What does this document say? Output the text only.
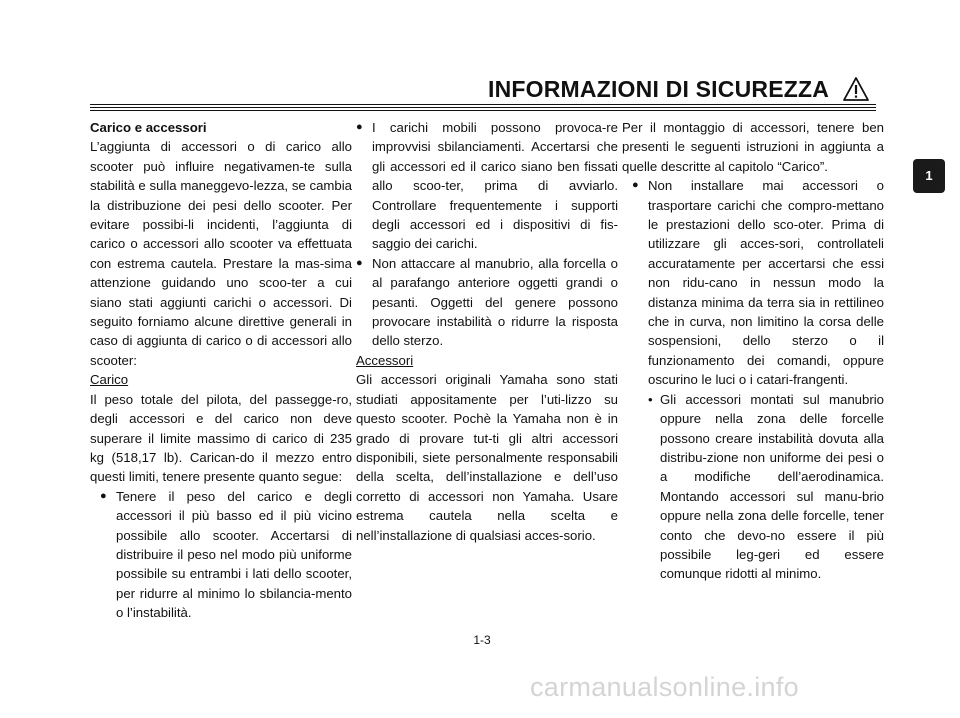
INFORMAZIONI DI SICUREZZA
1

Carico e accessori

L’aggiunta di accessori o di carico allo scooter può influire negativamen-te sulla stabilità e sulla maneggevo-lezza, se cambia la distribuzione dei pesi dello scooter. Per evitare possibi-li incidenti, l’aggiunta di carico o accessori allo scooter va effettuata con estrema cautela. Prestare la mas-sima attenzione guidando uno scoo-ter a cui siano stati aggiunti carichi o accessori. Di seguito forniamo alcune direttive generali in caso di aggiunta di carico o di accessori allo scooter:

Carico

Il peso totale del pilota, del passegge-ro, degli accessori e del carico non deve superare il limite massimo di carico di 235 kg (518,17 lb). Carican-do il mezzo entro questi limiti, tenere presente quanto segue:

● Tenere il peso del carico e degli accessori il più basso ed il più vicino possibile allo scooter. Accertarsi di distribuire il peso nel modo più uniforme possibile su entrambi i lati dello scooter, per ridurre al minimo lo sbilancia-mento o l’instabilità.
● I carichi mobili possono provoca-re improvvisi sbilanciamenti. Accertarsi che gli accessori ed il carico siano ben fissati allo scoo-ter, prima di avviarlo. Controllare frequentemente i supporti degli accessori ed i dispositivi di fis-saggio dei carichi.
● Non attaccare al manubrio, alla forcella o al parafango anteriore oggetti grandi o pesanti. Oggetti del genere possono provocare instabilità o ridurre la risposta dello sterzo.

Accessori

Gli accessori originali Yamaha sono stati studiati appositamente per l’uti-lizzo su questo scooter. Pochè la Yamaha non è in grado di provare tut-ti gli altri accessori disponibili, siete personalmente responsabili della scelta, dell’installazione e dell’uso corretto di accessori non Yamaha. Usare estrema cautela nella scelta e nell’installazione di qualsiasi acces-sorio.

Per il montaggio di accessori, tenere ben presenti le seguenti istruzioni in aggiunta a quelle descritte al capitolo “Carico”.

● Non installare mai accessori o trasportare carichi che compro-mettano le prestazioni dello sco-oter. Prima di utilizzare gli acces-sori, controllateli accuratamente per accertarsi che essi non ridu-cano in nessun modo la distanza minima da terra sia in rettilineo che in curva, non limitino la corsa delle sospensioni, dello sterzo o il funzionamento dei comandi, oppure oscurino le luci o i catari-frangenti.
• Gli accessori montati sul manubrio oppure nella zona delle forcelle possono creare instabilità dovuta alla distribu-zione non uniforme dei pesi o a modifiche dell’aerodinamica. Montando accessori sul manu-brio oppure nella zona delle forcelle, tener conto che devo-no essere il più possibile leg-geri ed essere comunque ridotti al minimo.
1-3
carmanualsonline.info
